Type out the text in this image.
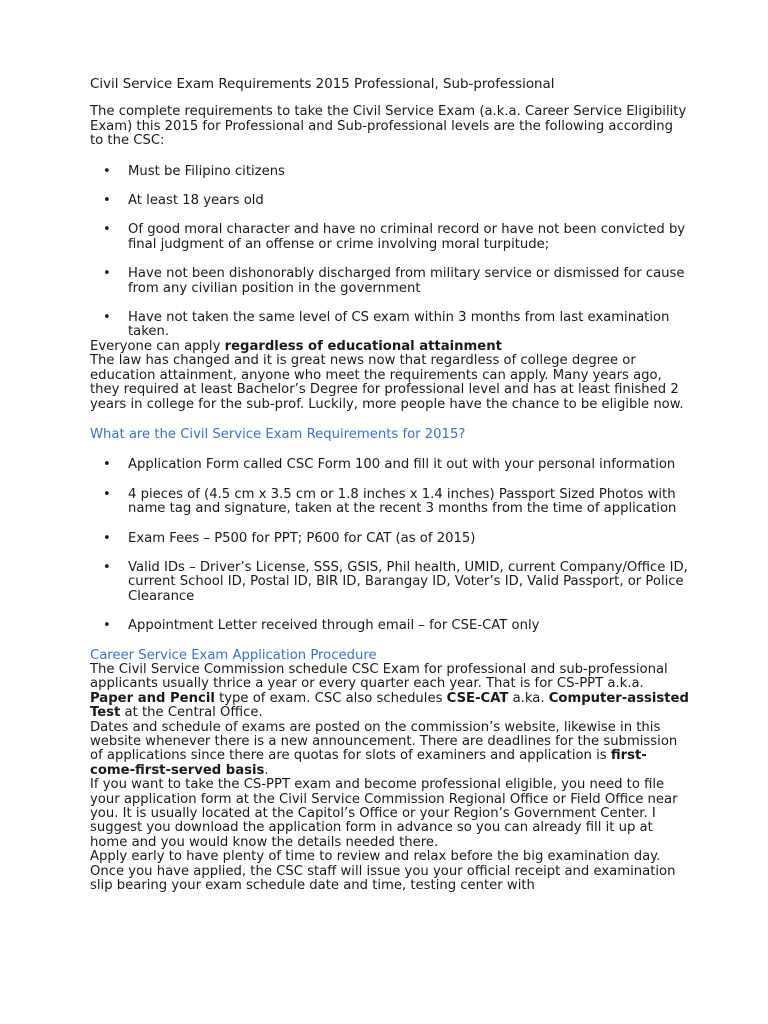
Civil Service Exam Requirements 2015 Professional, Sub-professional

The complete requirements to take the Civil Service Exam (a.k.a. Career Service Eligibility Exam) this 2015 for Professional and Sub-professional levels are the following according to the CSC:

• Must be Filipino citizens
• At least 18 years old
• Of good moral character and have no criminal record or have not been convicted by final judgment of an offense or crime involving moral turpitude;
• Have not been dishonorably discharged from military service or dismissed for cause from any civilian position in the government
• Have not taken the same level of CS exam within 3 months from last examination taken.

Everyone can apply regardless of educational attainment

The law has changed and it is great news now that regardless of college degree or education attainment, anyone who meet the requirements can apply. Many years ago, they required at least Bachelor’s Degree for professional level and has at least finished 2 years in college for the sub-prof. Luckily, more people have the chance to be eligible now.

What are the Civil Service Exam Requirements for 2015?

• Application Form called CSC Form 100 and fill it out with your personal information
• 4 pieces of (4.5 cm x 3.5 cm or 1.8 inches x 1.4 inches) Passport Sized Photos with name tag and signature, taken at the recent 3 months from the time of application
• Exam Fees – P500 for PPT; P600 for CAT (as of 2015)
• Valid IDs – Driver’s License, SSS, GSIS, Phil health, UMID, current Company/Office ID, current School ID, Postal ID, BIR ID, Barangay ID, Voter’s ID, Valid Passport, or Police Clearance
• Appointment Letter received through email – for CSE-CAT only

Career Service Exam Application Procedure

The Civil Service Commission schedule CSC Exam for professional and sub-professional applicants usually thrice a year or every quarter each year. That is for CS-PPT a.k.a. Paper and Pencil type of exam. CSC also schedules CSE-CAT a.ka. Computer-assisted Test at the Central Office.

Dates and schedule of exams are posted on the commission’s website, likewise in this website whenever there is a new announcement. There are deadlines for the submission of applications since there are quotas for slots of examiners and application is first-come-first-served basis.

If you want to take the CS-PPT exam and become professional eligible, you need to file your application form at the Civil Service Commission Regional Office or Field Office near you. It is usually located at the Capitol’s Office or your Region’s Government Center. I suggest you download the application form in advance so you can already fill it up at home and you would know the details needed there.

Apply early to have plenty of time to review and relax before the big examination day. Once you have applied, the CSC staff will issue you your official receipt and examination slip bearing your exam schedule date and time, testing center with
